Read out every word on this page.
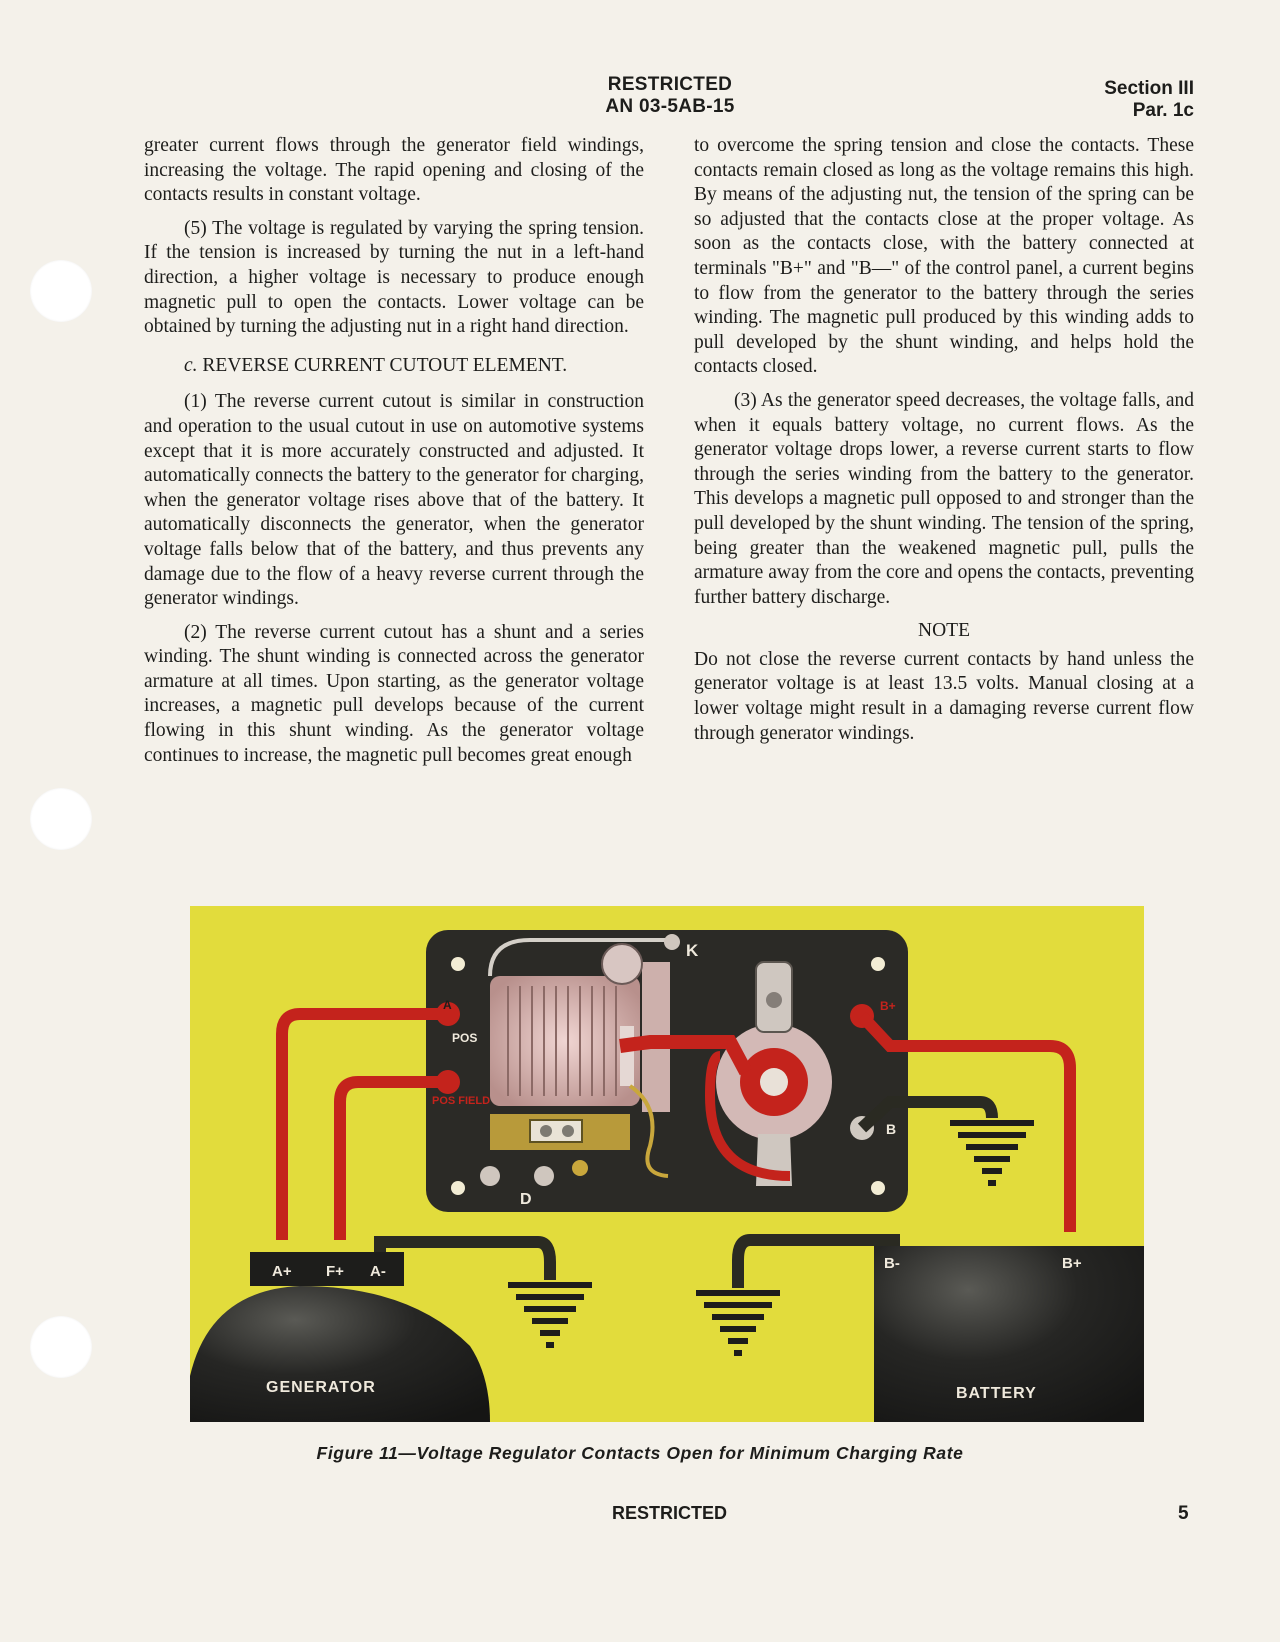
RESTRICTED
AN 03-5AB-15
Section III
Par. 1c

greater current flows through the generator field windings, increasing the voltage. The rapid opening and closing of the contacts results in constant voltage.

(5) The voltage is regulated by varying the spring tension. If the tension is increased by turning the nut in a left-hand direction, a higher voltage is necessary to produce enough magnetic pull to open the contacts. Lower voltage can be obtained by turning the adjusting nut in a right hand direction.

c. REVERSE CURRENT CUTOUT ELEMENT.

(1) The reverse current cutout is similar in construction and operation to the usual cutout in use on automotive systems except that it is more accurately constructed and adjusted. It automatically connects the battery to the generator for charging, when the generator voltage rises above that of the battery. It automatically disconnects the generator, when the generator voltage falls below that of the battery, and thus prevents any damage due to the flow of a heavy reverse current through the generator windings.

(2) The reverse current cutout has a shunt and a series winding. The shunt winding is connected across the generator armature at all times. Upon starting, as the generator voltage increases, a magnetic pull develops because of the current flowing in this shunt winding. As the generator voltage continues to increase, the magnetic pull becomes great enough

to overcome the spring tension and close the contacts. These contacts remain closed as long as the voltage remains this high. By means of the adjusting nut, the tension of the spring can be so adjusted that the contacts close at the proper voltage. As soon as the contacts close, with the battery connected at terminals "B+" and "B—" of the control panel, a current begins to flow from the generator to the battery through the series winding. The magnetic pull produced by this winding adds to pull developed by the shunt winding, and helps hold the contacts closed.

(3) As the generator speed decreases, the voltage falls, and when it equals battery voltage, no current flows. As the generator voltage drops lower, a reverse current starts to flow through the series winding from the battery to the generator. This develops a magnetic pull opposed to and stronger than the pull developed by the shunt winding. The tension of the spring, being greater than the weakened magnetic pull, pulls the armature away from the core and opens the contacts, preventing further battery discharge.

NOTE

Do not close the reverse current contacts by hand unless the generator voltage is at least 13.5 volts. Manual closing at a lower voltage might result in a damaging reverse current flow through generator windings.

K
A
POS
POS FIELD
D
B+
B
A+ F+ A-	B-	B+
GENERATOR	BATTERY
Figure 11—Voltage Regulator Contacts Open for Minimum Charging Rate
RESTRICTED	5
